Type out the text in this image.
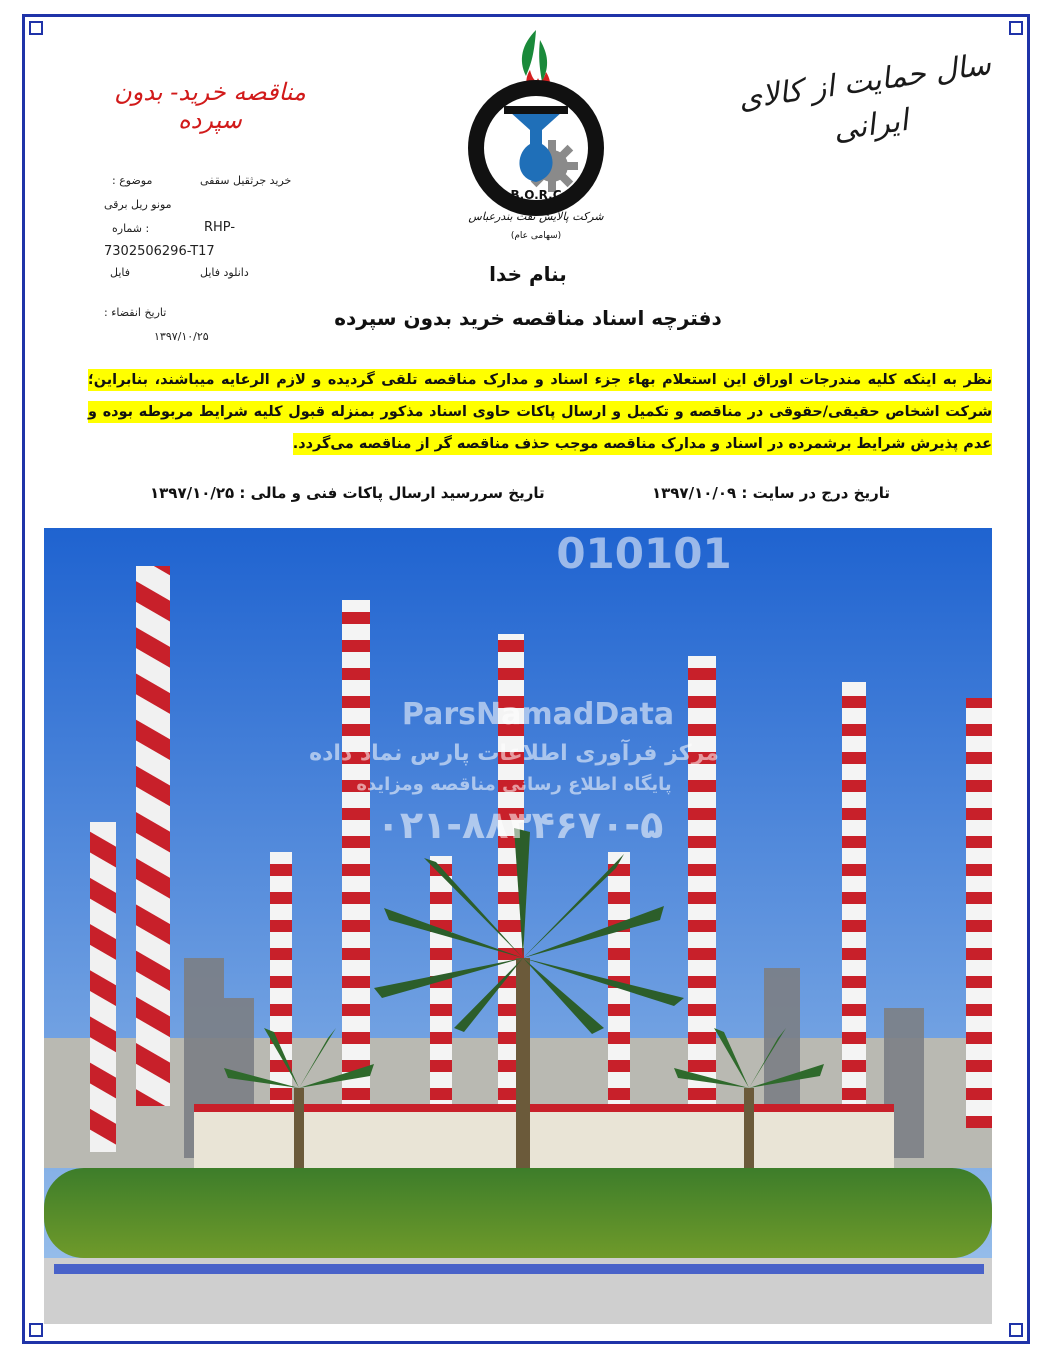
سال حمایت از کالای ایرانی
مناقصه خرید- بدون سپرده
B.O.R.C
شرکت پالایش نفت بندرعباس
(سهامی عام)
موضوع :	خرید جرثقیل سقفی
مونو ریل برقی
: شماره	RHP-
7302506296-T17
فایل	دانلود فایل
تاریخ انقضاء :
۱۳۹۷/۱۰/۲۵
بنام خدا
دفترچه اسناد مناقصه خرید بدون سپرده
نظر به اینکه کلیه مندرجات اوراق این استعلام بهاء جزء اسناد و مدارک مناقصه تلقی گردیده و لازم الرعایه میباشند، بنابراین؛ شرکت اشخاص حقیقی/حقوقی در مناقصه و تکمیل و ارسال پاکات حاوی اسناد مذکور بمنزله قبول کلیه شرایط مربوطه بوده و عدم پذیرش شرایط برشمرده در اسناد و مدارک مناقصه موجب حذف مناقصه گر از مناقصه می‌گردد.
تاریخ درج در سایت : ۱۳۹۷/۱۰/۰۹
تاریخ سررسید ارسال پاکات فنی و مالی : ۱۳۹۷/۱۰/۲۵
010101
ParsNamadData
مرکز فرآوری اطلاعات پارس نماد داده
پایگاه اطلاع رسانی مناقصه ومزایده
۰۲۱-۸۸۳۴۶۷۰-۵
